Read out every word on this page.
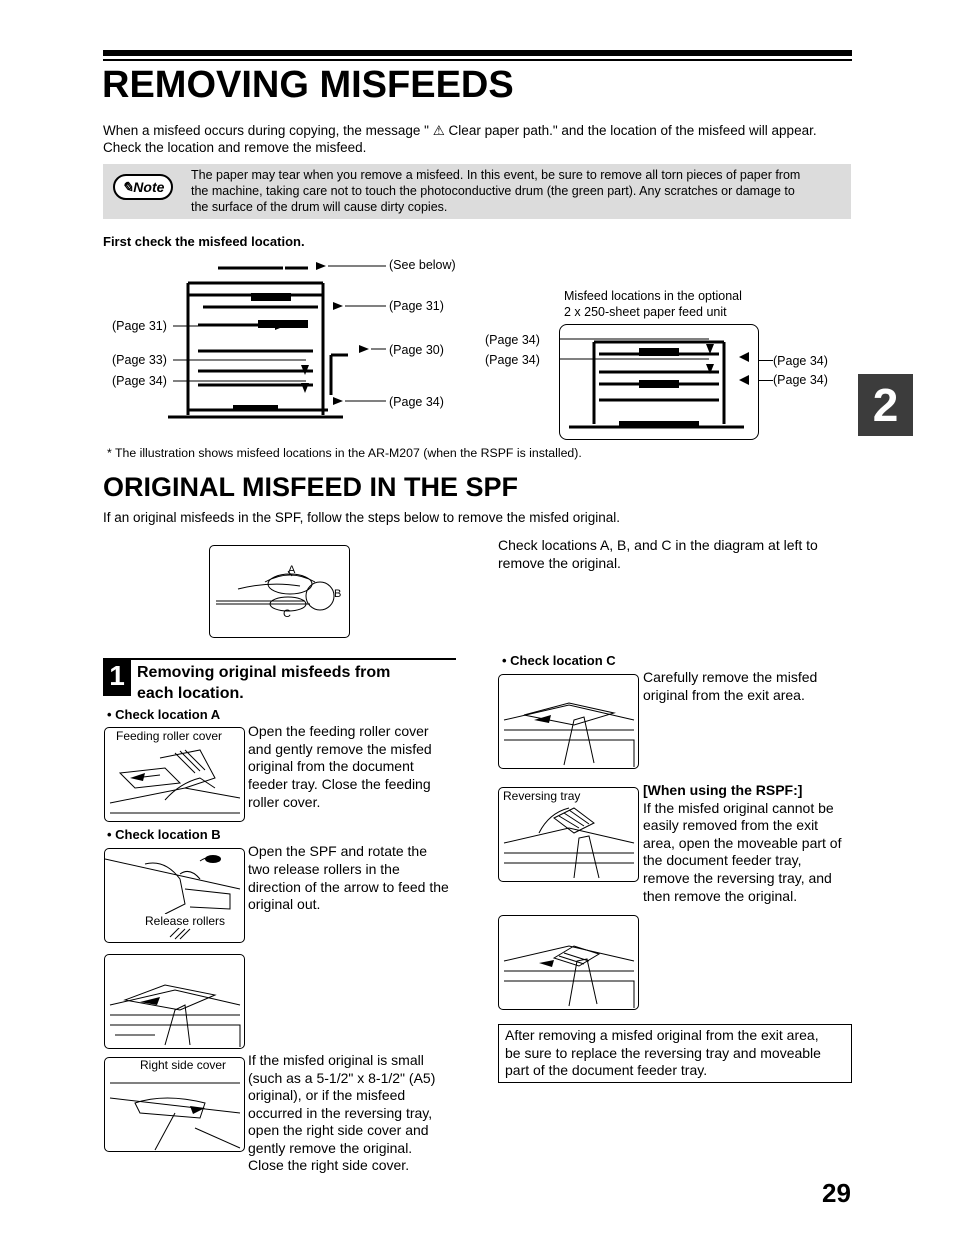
REMOVING MISFEEDS
When a misfeed occurs during copying, the message " ⚠ Clear paper path." and the location of the misfeed will appear.
Check the location and remove the misfeed.
✎Note
The paper may tear when you remove a misfeed. In this event, be sure to remove all torn pieces of paper from
the machine, taking care not to touch the photoconductive drum (the green part). Any scratches or damage to
the surface of the drum will cause dirty copies.
First check the misfeed location.
(See below)
(Page 31)
(Page 30)
(Page 34)
(Page 31)
(Page 33)
(Page 34)
Misfeed locations in the optional
2 x 250-sheet paper feed unit
(Page 34)
(Page 34)	(Page 34)
(Page 34)
* The illustration shows misfeed locations in the AR-M207 (when the RSPF is installed).
2
ORIGINAL MISFEED IN THE SPF
If an original misfeeds in the SPF, follow the steps below to remove the misfed original.
A
B
C
Check locations A, B, and C in the diagram at left to
remove the original.
1 Removing original misfeeds from
each location.
• Check location A
Feeding roller cover Open the feeding roller cover
and gently remove the misfed
original from the document
feeder tray. Close the feeding
roller cover.
• Check location B
Release rollers
Open the SPF and rotate the
two release rollers in the
direction of the arrow to feed the
original out.
Right side cover If the misfed original is small
(such as a 5-1/2" x 8-1/2" (A5)
original), or if the misfeed
occurred in the reversing tray,
open the right side cover and
gently remove the original.
Close the right side cover.
• Check location C
Carefully remove the misfed
original from the exit area.
Reversing tray	[When using the RSPF:]
If the misfed original cannot be
easily removed from the exit
area, open the moveable part of
the document feeder tray,
remove the reversing tray, and
then remove the original.
After removing a misfed original from the exit area,
be sure to replace the reversing tray and moveable
part of the document feeder tray.
29
